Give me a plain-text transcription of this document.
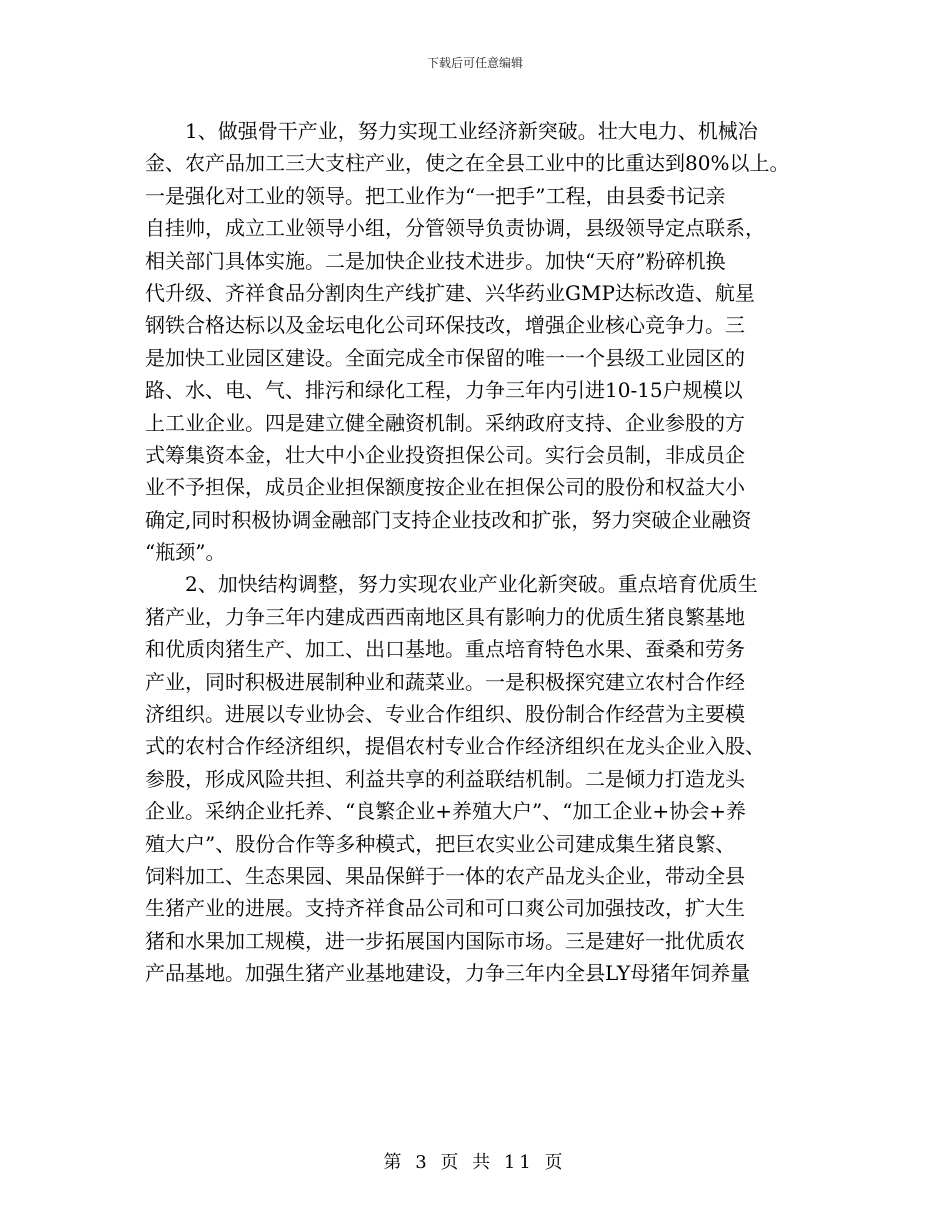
下载后可任意编辑
　　1、做强骨干产业，努力实现工业经济新突破。壮大电力、机械冶
金、农产品加工三大支柱产业，使之在全县工业中的比重达到80%以上。
一是强化对工业的领导。把工业作为“一把手”工程，由县委书记亲
自挂帅，成立工业领导小组，分管领导负责协调，县级领导定点联系，
相关部门具体实施。二是加快企业技术进步。加快“天府”粉碎机换
代升级、齐祥食品分割肉生产线扩建、兴华药业GMP达标改造、航星
钢铁合格达标以及金坛电化公司环保技改，增强企业核心竞争力。三
是加快工业园区建设。全面完成全市保留的唯一一个县级工业园区的
路、水、电、气、排污和绿化工程，力争三年内引进10-15户规模以
上工业企业。四是建立健全融资机制。采纳政府支持、企业参股的方
式筹集资本金，壮大中小企业投资担保公司。实行会员制，非成员企
业不予担保，成员企业担保额度按企业在担保公司的股份和权益大小
确定,同时积极协调金融部门支持企业技改和扩张，努力突破企业融资
“瓶颈”。
　　2、加快结构调整，努力实现农业产业化新突破。重点培育优质生
猪产业，力争三年内建成西西南地区具有影响力的优质生猪良繁基地
和优质肉猪生产、加工、出口基地。重点培育特色水果、蚕桑和劳务
产业，同时积极进展制种业和蔬菜业。一是积极探究建立农村合作经
济组织。进展以专业协会、专业合作组织、股份制合作经营为主要模
式的农村合作经济组织，提倡农村专业合作经济组织在龙头企业入股、
参股，形成风险共担、利益共享的利益联结机制。二是倾力打造龙头
企业。采纳企业托养、“良繁企业+养殖大户”、“加工企业+协会+养
殖大户”、股份合作等多种模式，把巨农实业公司建成集生猪良繁、
饲料加工、生态果园、果品保鲜于一体的农产品龙头企业，带动全县
生猪产业的进展。支持齐祥食品公司和可口爽公司加强技改，扩大生
猪和水果加工规模，进一步拓展国内国际市场。三是建好一批优质农
产品基地。加强生猪产业基地建设，力争三年内全县LY母猪年饲养量
第 3 页 共 11 页
